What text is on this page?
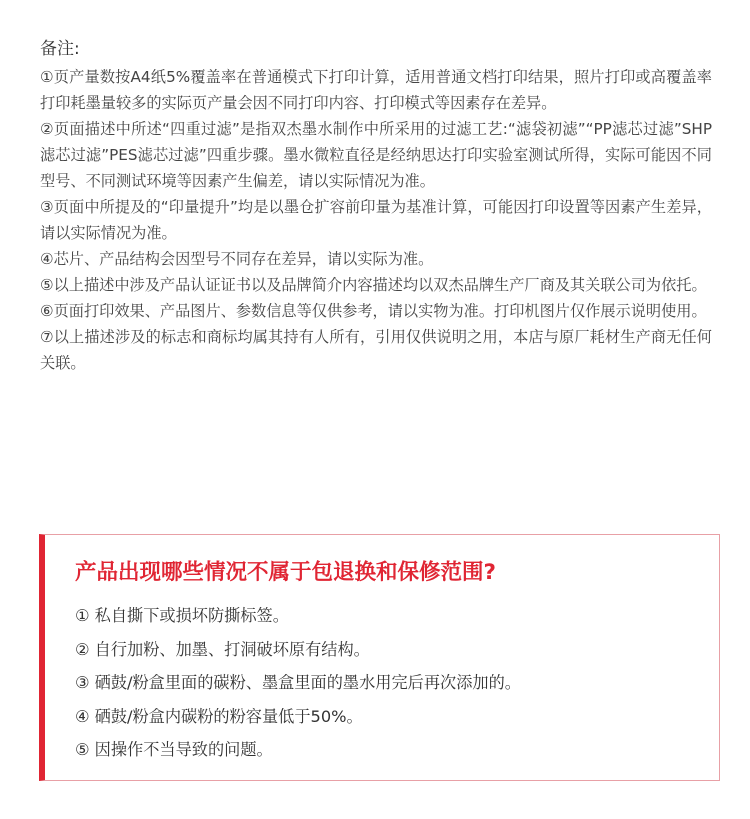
备注:

①页产量数按A4纸5%覆盖率在普通模式下打印计算，适用普通文档打印结果，照片打印或高覆盖率打印耗墨量较多的实际页产量会因不同打印内容、打印模式等因素存在差异。

②页面描述中所述“四重过滤”是指双杰墨水制作中所采用的过滤工艺:“滤袋初滤”“PP滤芯过滤”SHP滤芯过滤”PES滤芯过滤”四重步骤。墨水微粒直径是经纳思达打印实验室测试所得，实际可能因不同型号、不同测试环境等因素产生偏差，请以实际情况为准。

③页面中所提及的“印量提升”均是以墨仓扩容前印量为基准计算，可能因打印设置等因素产生差异，请以实际情况为准。

④芯片、产品结构会因型号不同存在差异，请以实际为准。

⑤以上描述中涉及产品认证证书以及品牌简介内容描述均以双杰品牌生产厂商及其关联公司为依托。

⑥页面打印效果、产品图片、参数信息等仅供参考，请以实物为准。打印机图片仅作展示说明使用。

⑦以上描述涉及的标志和商标均属其持有人所有，引用仅供说明之用，本店与原厂耗材生产商无任何关联。

产品出现哪些情况不属于包退换和保修范围?
① 私自撕下或损坏防撕标签。
② 自行加粉、加墨、打洞破坏原有结构。
③ 硒鼓/粉盒里面的碳粉、墨盒里面的墨水用完后再次添加的。
④ 硒鼓/粉盒内碳粉的粉容量低于50%。
⑤ 因操作不当导致的问题。
